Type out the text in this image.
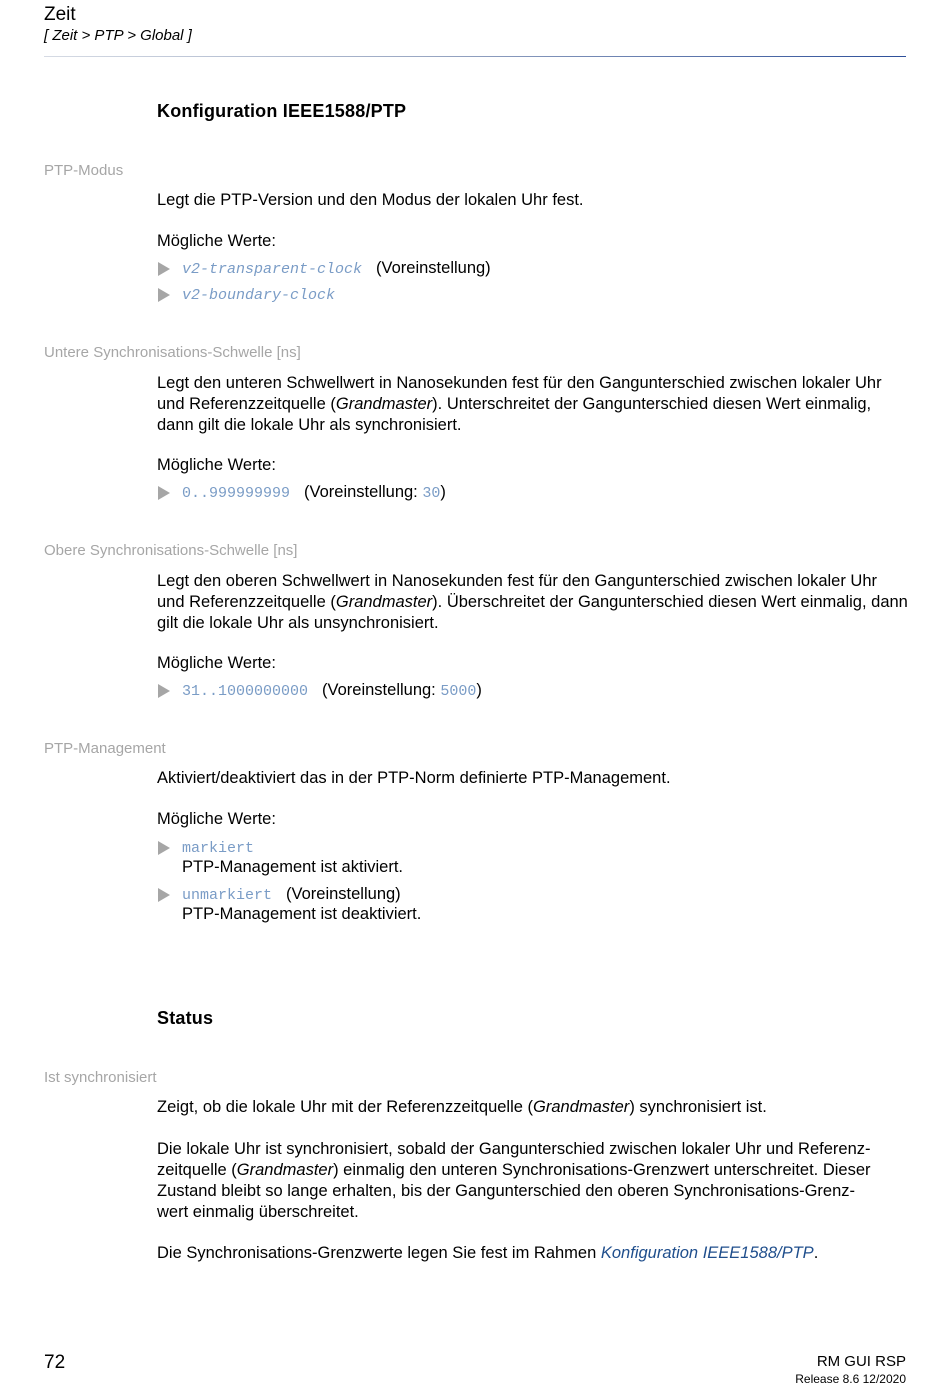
Zeit
[ Zeit > PTP > Global ]
Konfiguration IEEE1588/PTP
PTP-Modus
Legt die PTP-Version und den Modus der lokalen Uhr fest.
Mögliche Werte:
v2-transparent-clock (Voreinstellung)
v2-boundary-clock
Untere Synchronisations-Schwelle [ns]
Legt den unteren Schwellwert in Nanosekunden fest für den Gangunterschied zwischen lokaler Uhr und Referenzzeitquelle (Grandmaster). Unterschreitet der Gangunterschied diesen Wert einmalig, dann gilt die lokale Uhr als synchronisiert.
Mögliche Werte:
0..999999999 (Voreinstellung: 30)
Obere Synchronisations-Schwelle [ns]
Legt den oberen Schwellwert in Nanosekunden fest für den Gangunterschied zwischen lokaler Uhr und Referenzzeitquelle (Grandmaster). Überschreitet der Gangunterschied diesen Wert einmalig, dann gilt die lokale Uhr als unsynchronisiert.
Mögliche Werte:
31..1000000000 (Voreinstellung: 5000)
PTP-Management
Aktiviert/deaktiviert das in der PTP-Norm definierte PTP-Management.
Mögliche Werte:
markiert
PTP-Management ist aktiviert.
unmarkiert (Voreinstellung)
PTP-Management ist deaktiviert.
Status
Ist synchronisiert
Zeigt, ob die lokale Uhr mit der Referenzzeitquelle (Grandmaster) synchronisiert ist.
Die lokale Uhr ist synchronisiert, sobald der Gangunterschied zwischen lokaler Uhr und Referenz-
zeitquelle (Grandmaster) einmalig den unteren Synchronisations-Grenzwert unterschreitet. Dieser
Zustand bleibt so lange erhalten, bis der Gangunterschied den oberen Synchronisations-Grenz-
wert einmalig überschreitet.
Die Synchronisations-Grenzwerte legen Sie fest im Rahmen Konfiguration IEEE1588/PTP.
72	RM GUI RSP
Release 8.6 12/2020
